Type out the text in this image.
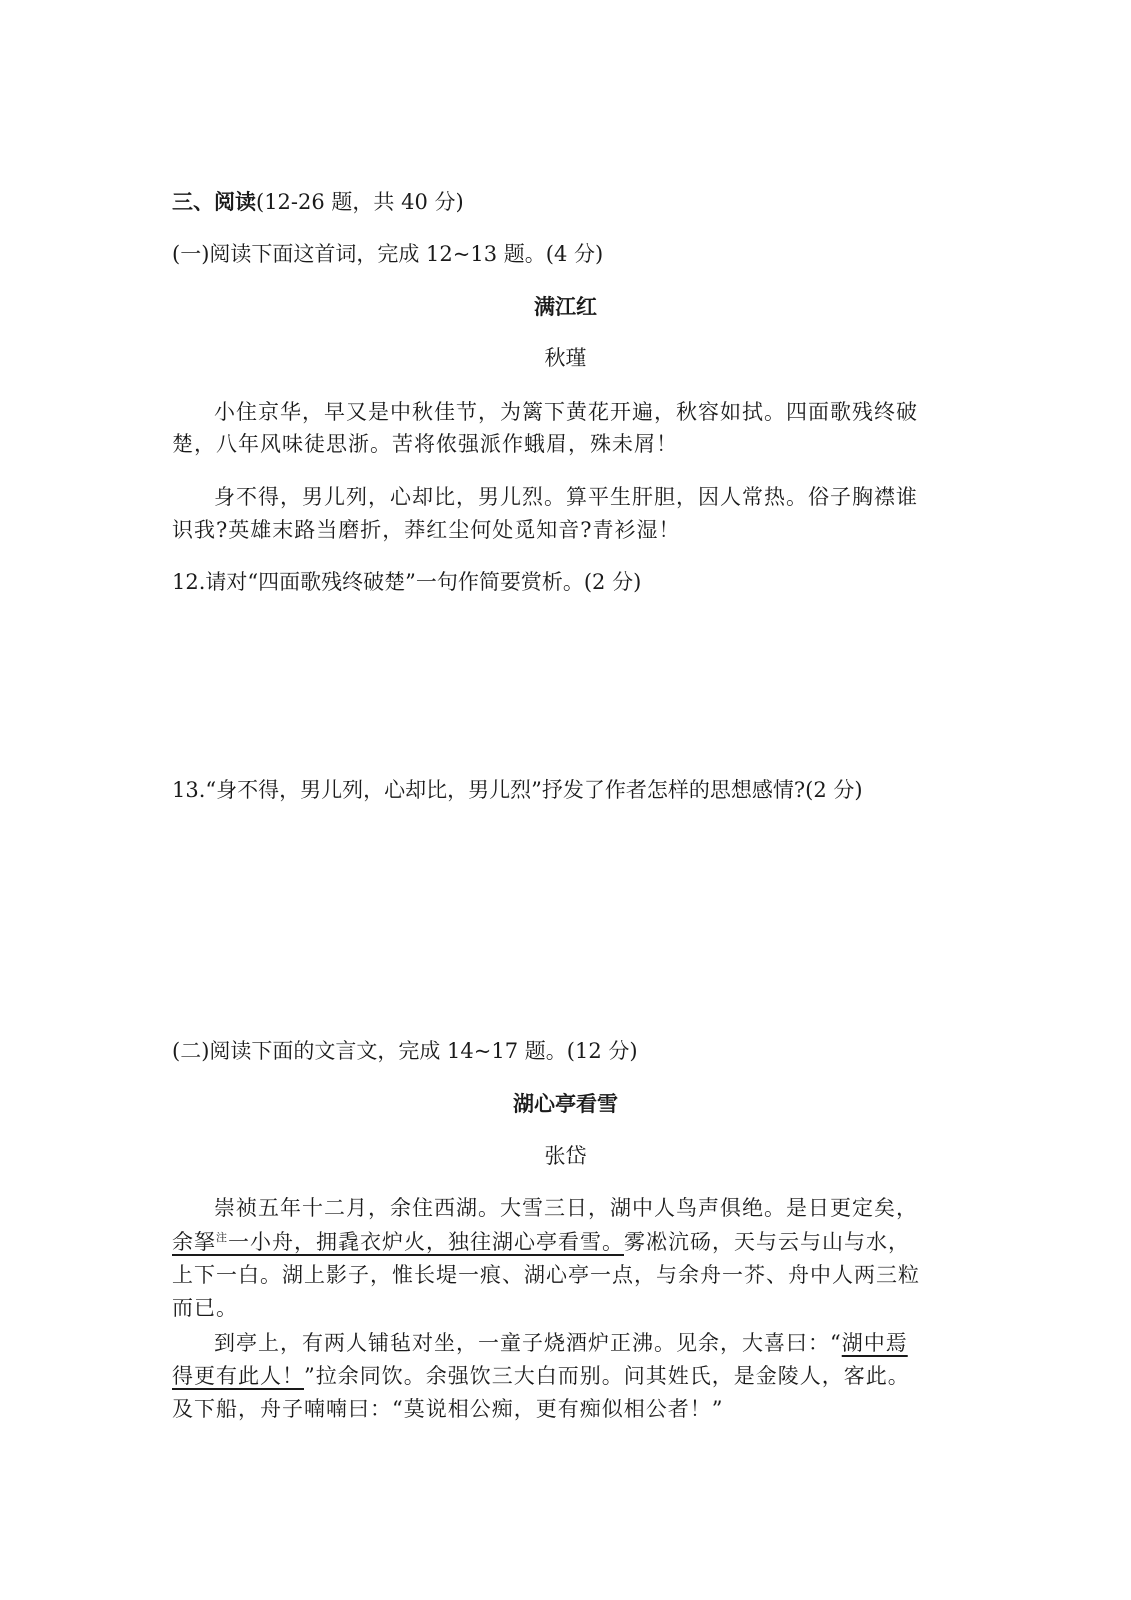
三、阅读(12-26 题，共 40 分)
(一)阅读下面这首词，完成 12~13 题。(4 分)
满江红
秋瑾
小住京华，早又是中秋佳节，为篱下黄花开遍，秋容如拭。四面歌残终破
楚，八年风味徒思浙。苦将侬强派作蛾眉，殊未屑！
身不得，男儿列，心却比，男儿烈。算平生肝胆，因人常热。俗子胸襟谁
识我?英雄末路当磨折，莽红尘何处觅知音?青衫湿！
12.请对“四面歌残终破楚”一句作简要赏析。(2 分)
13.“身不得，男儿列，心却比，男儿烈”抒发了作者怎样的思想感情?(2 分)
(二)阅读下面的文言文，完成 14~17 题。(12 分)
湖心亭看雪
张岱
崇祯五年十二月，余住西湖。大雪三日，湖中人鸟声俱绝。是日更定矣，
余拏$^注$一小舟，拥毳衣炉火，独往湖心亭看雪。雾凇沆砀，天与云与山与水，
上下一白。湖上影子，惟长堤一痕、湖心亭一点，与余舟一芥、舟中人两三粒
而已。
到亭上，有两人铺毡对坐，一童子烧酒炉正沸。见余，大喜曰：“湖中焉
得更有此人！”拉余同饮。余强饮三大白而别。问其姓氏，是金陵人，客此。
及下船，舟子喃喃曰：“莫说相公痴，更有痴似相公者！”
